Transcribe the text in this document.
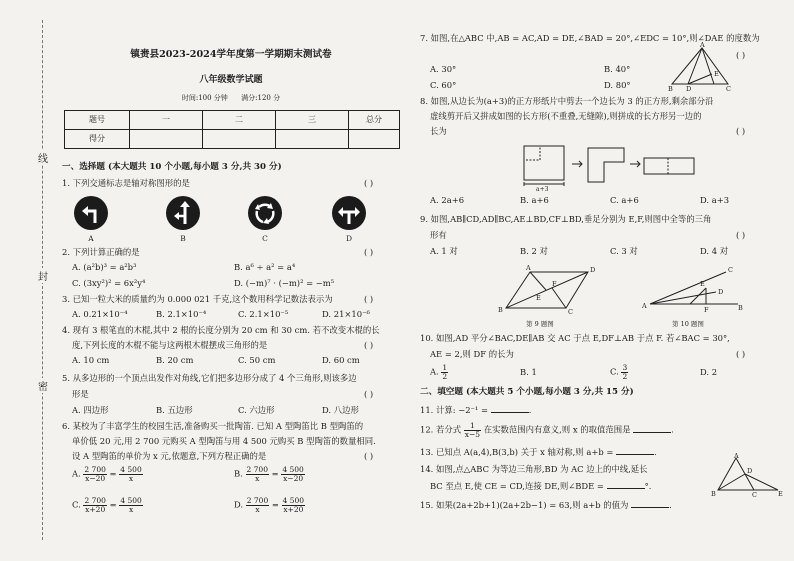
线
封
密
镇赉县2023-2024学年度第一学期期末测试卷
八年级数学试题
时间:100 分钟 满分:120 分
题号	一	二	三	总分
得分				
一、选择题 (本大题共 10 个小题,每小题 3 分,共 30 分)
1. 下列交通标志是轴对称图形的是	( )
A	B	C	D
2. 下列计算正确的是	( )
A. (a²b)³ = a²b³	B. a⁶ ÷ a² = a⁴
C. (3xy²)² = 6x²y⁴	D. (−m)⁷ · (−m)² = −m⁵
3. 已知一粒大米的质量约为 0.000 021 千克,这个数用科学记数法表示为	( )
A. 0.21×10⁻⁴	B. 2.1×10⁻⁴	C. 2.1×10⁻⁵	D. 21×10⁻⁶
4. 现有 3 根笔直的木棍,其中 2 根的长度分别为 20 cm 和 30 cm. 若不改变木棍的长
度,下列长度的木棍不能与这两根木棍摆成三角形的是	( )
A. 10 cm	B. 20 cm	C. 50 cm	D. 60 cm
5. 从多边形的一个顶点出发作对角线,它们把多边形分成了 4 个三角形,则该多边
形是	( )
A. 四边形	B. 五边形	C. 六边形	D. 八边形
6. 某校为了丰富学生的校园生活,准备购买一批陶笛. 已知 A 型陶笛比 B 型陶笛的
单价低 20 元,用 2 700 元购买 A 型陶笛与用 4 500 元购买 B 型陶笛的数量相同.
设 A 型陶笛的单价为 x 元,依题意,下列方程正确的是	( )
A. $\frac{2 700}{x-20} = \frac{4 500}{x}$	B. $\frac{2 700}{x} = \frac{4 500}{x-20}$
C. $\frac{2 700}{x+20} = \frac{4 500}{x}$	D. $\frac{2 700}{x} = \frac{4 500}{x+20}$
7. 如图,在△ABC 中,AB = AC,AD = DE,∠BAD = 20°,∠EDC = 10°,则∠DAE 的度数为
( )
A. 30°	B. 40°
C. 60°	D. 80°
A
B D
E
C
8. 如图,从边长为(a+3)的正方形纸片中剪去一个边长为 3 的正方形,剩余部分沿
虚线剪开后又拼成如图的长方形(不重叠,无缝隙),则拼成的长方形另一边的
长为	( )
a+3
A. 2a+6	B. a+6	C. a+6	D. a+3
9. 如图,AB∥CD,AD∥BC,AE⊥BD,CF⊥BD,垂足分别为 E,F,则图中全等的三角
形有	( )
A. 1 对	B. 2 对	C. 3 对	D. 4 对
A
B	C
D
E
F
第 9 题图
A	B
C
D
E
F
第 10 题图
10. 如图,AD 平分∠BAC,DE∥AB 交 AC 于点 E,DF⊥AB 于点 F. 若∠BAC = 30°,
AE = 2,则 DF 的长为	( )
A. $\frac{1}{2}$	B. 1	C. $\frac{3}{2}$	D. 2
二、填空题 (本大题共 5 个小题,每小题 3 分,共 15 分)
11. 计算: −2⁻¹ =	.
12. 若分式 $\frac{1}{x-5}$ 在实数范围内有意义,则 x 的取值范围是	.
13. 已知点 A(a,4),B(3,b) 关于 x 轴对称,则 a+b =	.
14. 如图,点△ABC 为等边三角形,BD 为 AC 边上的中线,延长
BC 至点 E,使 CE = CD,连接 DE,则∠BDE =	°.
A
D
B	C	E
15. 如果(2a+2b+1)(2a+2b−1) = 63,则 a+b 的值为	.
